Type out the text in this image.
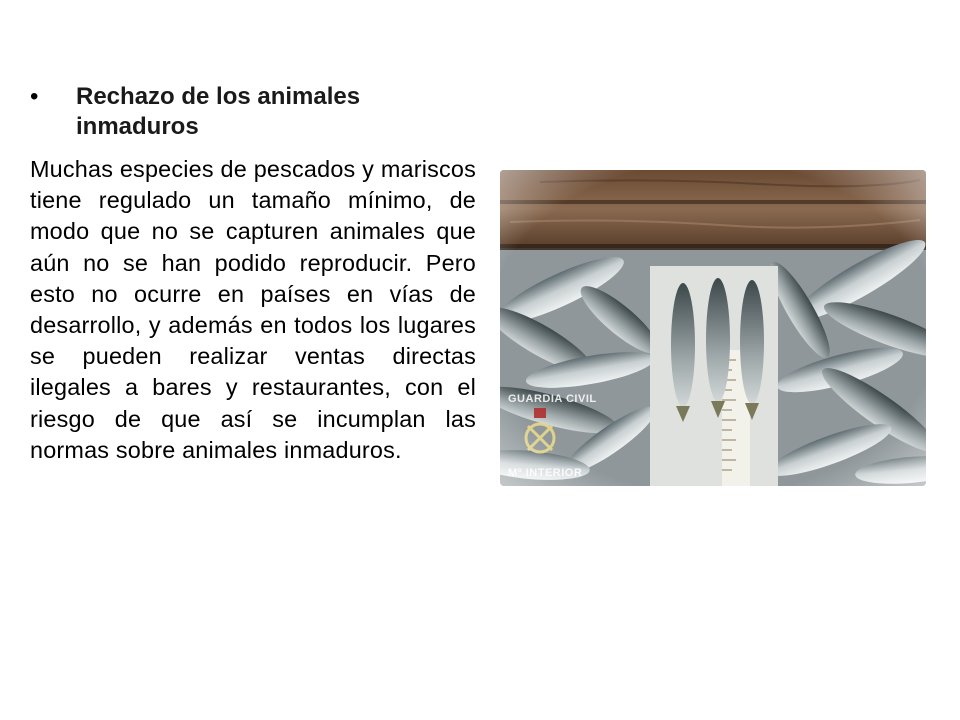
•	Rechazo de los animales inmaduros

Muchas especies de pescados y mariscos tiene regulado un tamaño mínimo, de modo que no se capturen animales que aún no se han podido reproducir. Pero esto no ocurre en países en vías de desarrollo, y además en todos los lugares se pueden realizar ventas directas ilegales a bares y restaurantes, con el riesgo de que así se incumplan las normas sobre animales inmaduros.
